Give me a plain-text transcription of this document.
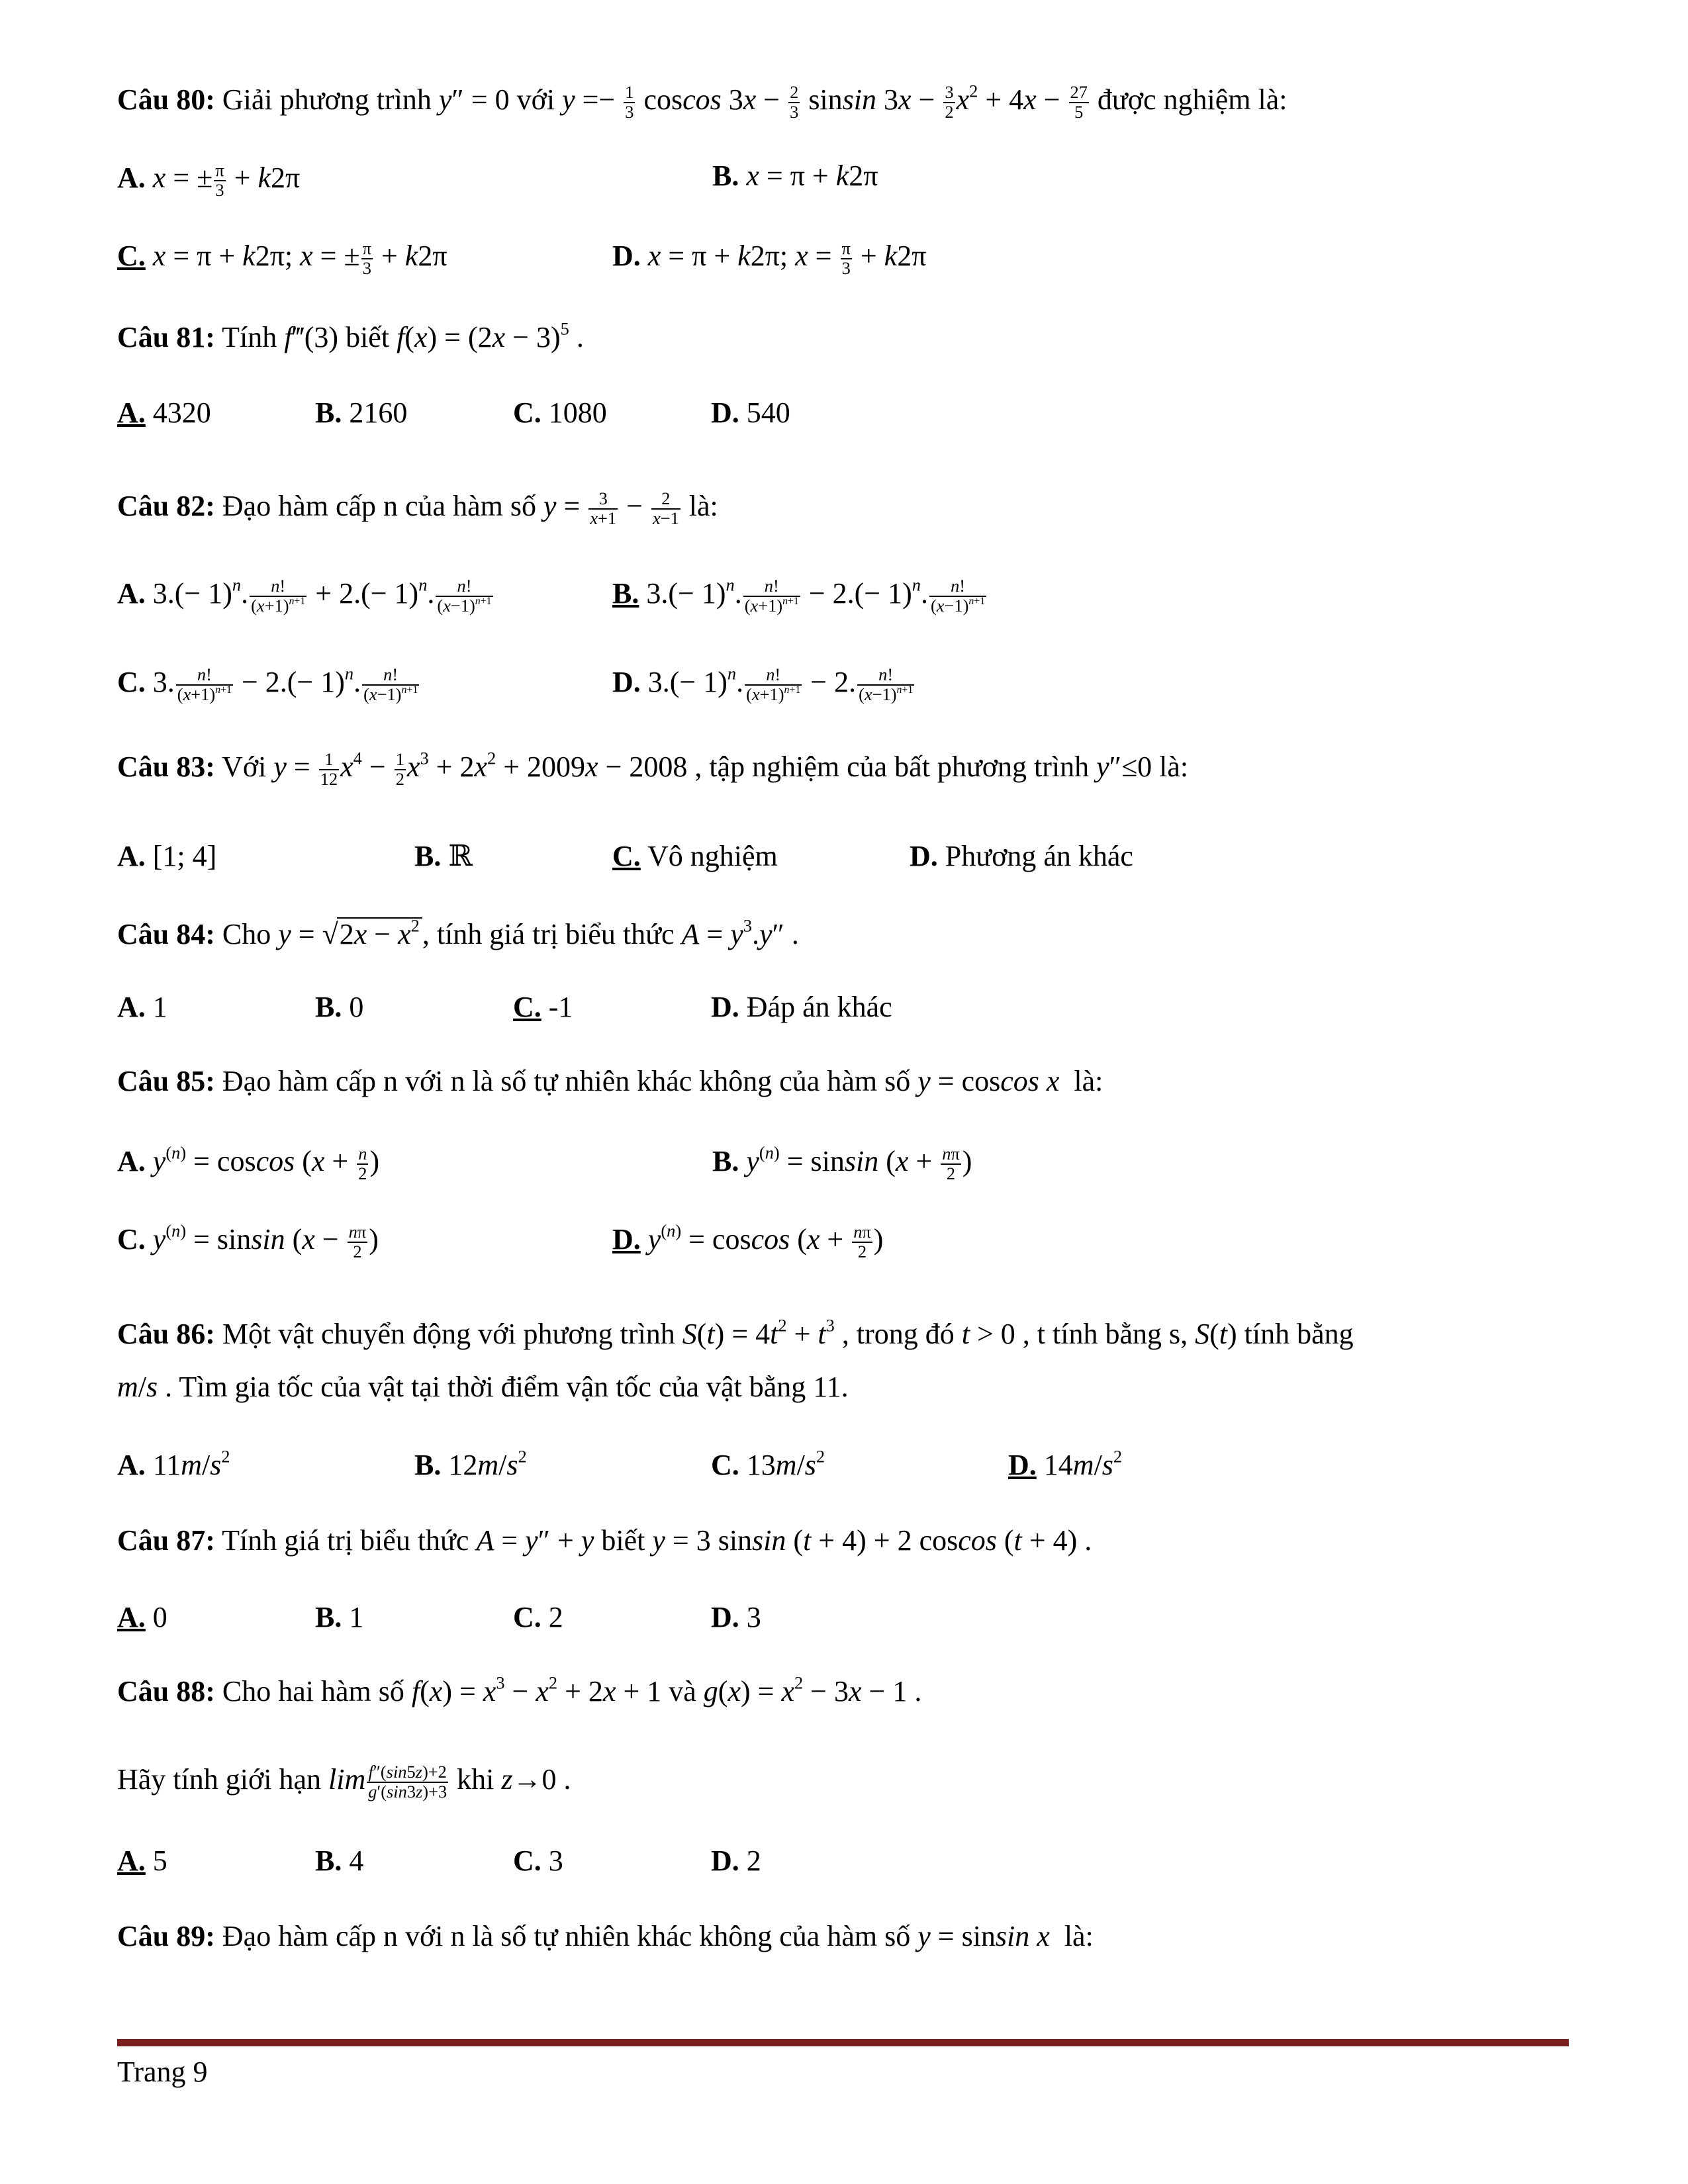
Câu 80: Giải phương trình y″ = 0 với $y =- \frac{1}{3}$ coscos $3x - \frac{2}{3}$ sinsin $3x - \frac{3}{2} x^2 + 4x - \frac{27}{5}$ được nghiệm là:
A. x = ± $\frac{\pi}{3} + k2\pi$	B. x = π + k2π
C. x = π + k2π; x = ± $\frac{\pi}{3} + k2\pi$	D. x = π + k2π; $x = \frac{\pi}{3} + k2\pi$
Câu 81: Tính f‴(3) biết $f(x) = (2x - 3)^5$ .
A. 4320	B. 2160	C. 1080	D. 540
Câu 82: Đạo hàm cấp n của hàm số $y = \frac{3}{x+1} - \frac{2}{x-1}$ là:
A. $3.(- 1)^n$. $\frac{n!}{(x+1)^{n+1}} + 2.(- 1)^n$. $\frac{n!}{(x-1)^{n+1}}$	B. $3.(- 1)^n$. $\frac{n!}{(x+1)^{n+1}} - 2.(- 1)^n$. $\frac{n!}{(x-1)^{n+1}}$
C. 3. $\frac{n!}{(x+1)^{n+1}} - 2.(- 1)^n$. $\frac{n!}{(x-1)^{n+1}}$	D. $3.(- 1)^n$. $\frac{n!}{(x+1)^{n+1}} - 2$. $\frac{n!}{(x-1)^{n+1}}$
Câu 83: Với $y = \frac{1}{12} x^4 - \frac{1}{2} x^3 + 2x^2 + 2009x - 2008$ , tập nghiệm của bất phương trình y″≤0 là:
A. [1; 4]	B. ℝ	C. Vô nghiệm	D. Phương án khác
Câu 84: Cho $y = √2x - x^2$, tính giá trị biểu thức $A = y^3.y''$ .
A. 1	B. 0	C. -1	D. Đáp án khác
Câu 85: Đạo hàm cấp n với n là số tự nhiên khác không của hàm số y = coscos x  là:
A. $y^{(n)} = coscos$ ($x + \frac{n}{2}$ )	B. $y^{(n)} = sinsin$ ($x + \frac{n\pi}{2}$ )
C. $y^{(n)} = sinsin$ ($x - \frac{n\pi}{2}$ )	D. $y^{(n)} = coscos$ ($x + \frac{n\pi}{2}$ )
Câu 86: Một vật chuyển động với phương trình $S(t) = 4t^2 + t^3$ , trong đó t > 0 , t tính bằng s, S(t) tính bằng
m/s . Tìm gia tốc của vật tại thời điểm vận tốc của vật bằng 11.
A. $11m/s^2$	B. $12m/s^2$	C. $13m/s^2$	D. $14m/s^2$
Câu 87: Tính giá trị biểu thức A = y″ + y biết y = 3 sinsin (t + 4) + 2 coscos (t + 4) .
A. 0	B. 1	C. 2	D. 3
Câu 88: Cho hai hàm số $f(x) = x^3 - x^2 + 2x + 1$ và $g(x) = x^2 - 3x - 1$ .
Hãy tính giới hạn $\lim \frac{f''(\sin 5z)+2}{g'(\sin 3z)+3}$ khi z→0 .
A. 5	B. 4	C. 3	D. 2
Câu 89: Đạo hàm cấp n với n là số tự nhiên khác không của hàm số y = sinsin x  là:
Trang 9
